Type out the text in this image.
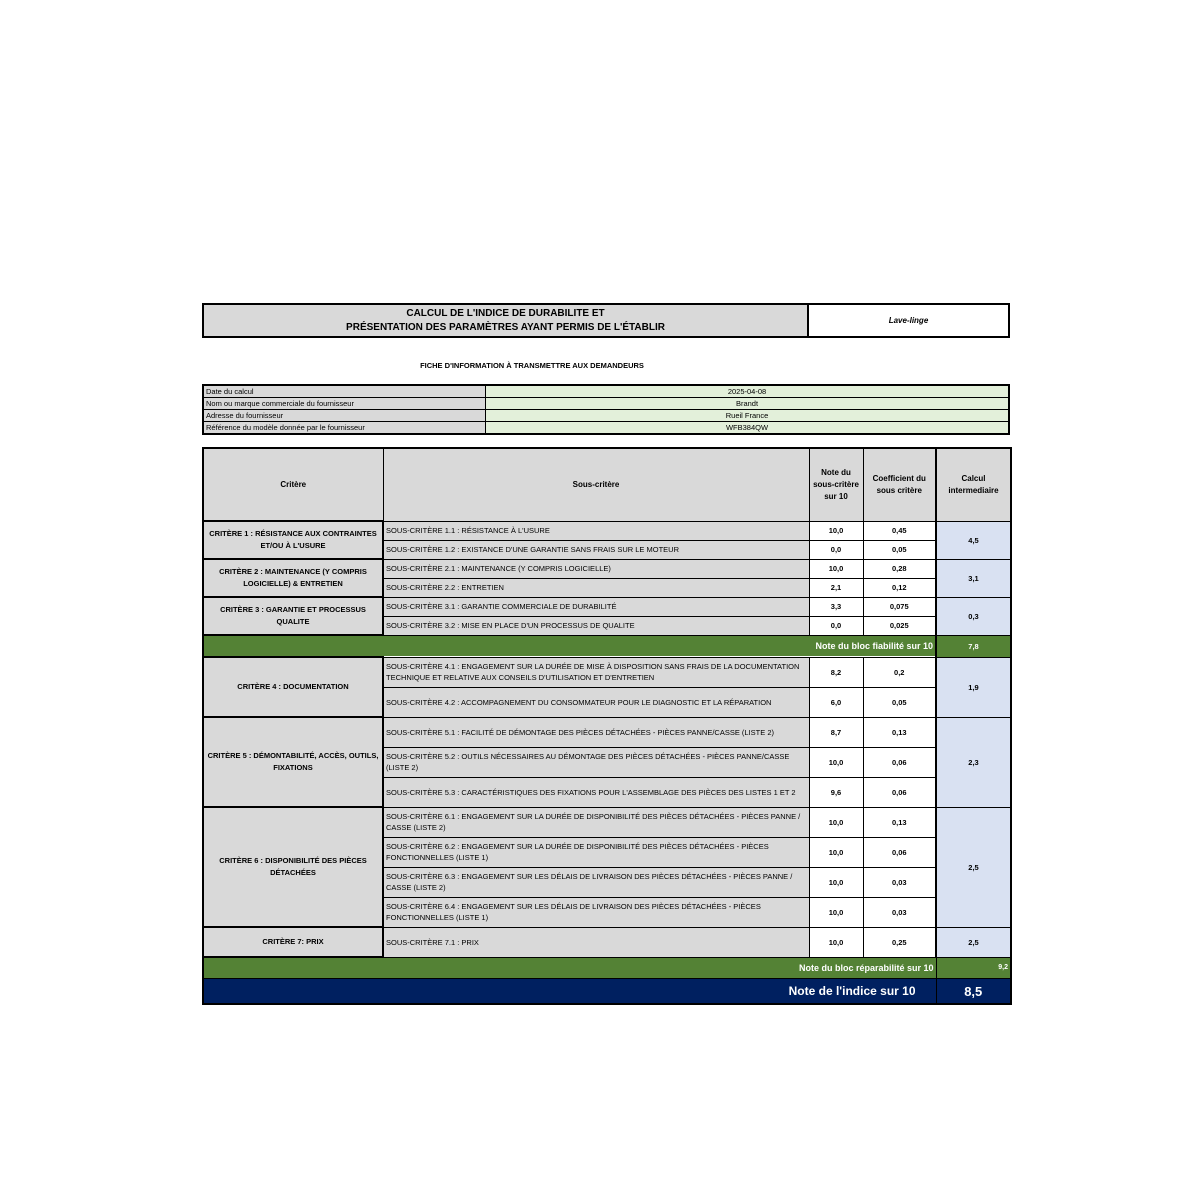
CALCUL DE L'INDICE DE DURABILITE ET
PRÉSENTATION DES PARAMÈTRES AYANT PERMIS DE L'ÉTABLIR
Lave-linge
FICHE D'INFORMATION À TRANSMETTRE AUX DEMANDEURS
Date du calcul	2025-04-08
Nom ou marque commerciale du fournisseur	Brandt
Adresse du fournisseur	Rueil France
Référence du modèle donnée par le fournisseur	WFB384QW
Critère	Sous-critère	Note du sous-critère sur 10	Coefficient du sous critère	Calcul intermediaire
CRITÈRE 1 : RÉSISTANCE AUX CONTRAINTES ET/OU À L'USURE	SOUS-CRITÈRE 1.1 : RÉSISTANCE À L'USURE	10,0	0,45	4,5
	SOUS-CRITÈRE 1.2 : EXISTANCE D'UNE GARANTIE SANS FRAIS SUR LE MOTEUR	0,0	0,05	
CRITÈRE 2 : MAINTENANCE (Y COMPRIS LOGICIELLE) & ENTRETIEN	SOUS-CRITÈRE 2.1 : MAINTENANCE (Y COMPRIS LOGICIELLE)	10,0	0,28	3,1
	SOUS-CRITÈRE 2.2 : ENTRETIEN	2,1	0,12	
CRITÈRE 3 : GARANTIE ET PROCESSUS QUALITE	SOUS-CRITÈRE 3.1 : GARANTIE COMMERCIALE DE DURABILITÉ	3,3	0,075	0,3
	SOUS-CRITÈRE 3.2 : MISE EN PLACE D'UN PROCESSUS DE QUALITE	0,0	0,025	
Note du bloc fiabilité sur 10				7,8
CRITÈRE 4 : DOCUMENTATION	SOUS-CRITÈRE 4.1 : ENGAGEMENT SUR LA DURÉE DE MISE À DISPOSITION SANS FRAIS DE LA DOCUMENTATION TECHNIQUE ET RELATIVE AUX CONSEILS D'UTILISATION ET D'ENTRETIEN	8,2	0,2	1,9
	SOUS-CRITÈRE 4.2 : ACCOMPAGNEMENT DU CONSOMMATEUR POUR LE DIAGNOSTIC ET LA RÉPARATION	6,0	0,05	
CRITÈRE 5 : DÉMONTABILITÉ, ACCÈS, OUTILS, FIXATIONS	SOUS-CRITÈRE 5.1 : FACILITÉ DE DÉMONTAGE DES PIÈCES DÉTACHÉES - PIÈCES PANNE/CASSE (LISTE 2)	8,7	0,13	2,3
	SOUS-CRITÈRE 5.2 : OUTILS NÉCESSAIRES AU DÉMONTAGE DES PIÈCES DÉTACHÉES - PIÈCES PANNE/CASSE (LISTE 2)	10,0	0,06	
	SOUS-CRITÈRE 5.3 : CARACTÉRISTIQUES DES FIXATIONS POUR L'ASSEMBLAGE DES PIÈCES DES LISTES 1 ET 2	9,6	0,06	
CRITÈRE 6 : DISPONIBILITÉ DES PIÈCES DÉTACHÉES	SOUS-CRITÈRE 6.1 : ENGAGEMENT SUR LA DURÉE DE DISPONIBILITÉ DES PIÈCES DÉTACHÉES - PIÈCES PANNE / CASSE (LISTE 2)	10,0	0,13	2,5
	SOUS-CRITÈRE 6.2 : ENGAGEMENT SUR LA DURÉE DE DISPONIBILITÉ DES PIÈCES DÉTACHÉES - PIÈCES FONCTIONNELLES (LISTE 1)	10,0	0,06	
	SOUS-CRITÈRE 6.3 : ENGAGEMENT SUR LES DÉLAIS DE LIVRAISON DES PIÈCES DÉTACHÉES - PIÈCES PANNE / CASSE (LISTE 2)	10,0	0,03	
	SOUS-CRITÈRE 6.4 : ENGAGEMENT SUR LES DÉLAIS DE LIVRAISON DES PIÈCES DÉTACHÉES - PIÈCES FONCTIONNELLES (LISTE 1)	10,0	0,03	
CRITÈRE 7: PRIX	SOUS-CRITÈRE 7.1 : PRIX	10,0	0,25	2,5
Note du bloc réparabilité sur 10				9,2
Note de l'indice sur 10				8,5
